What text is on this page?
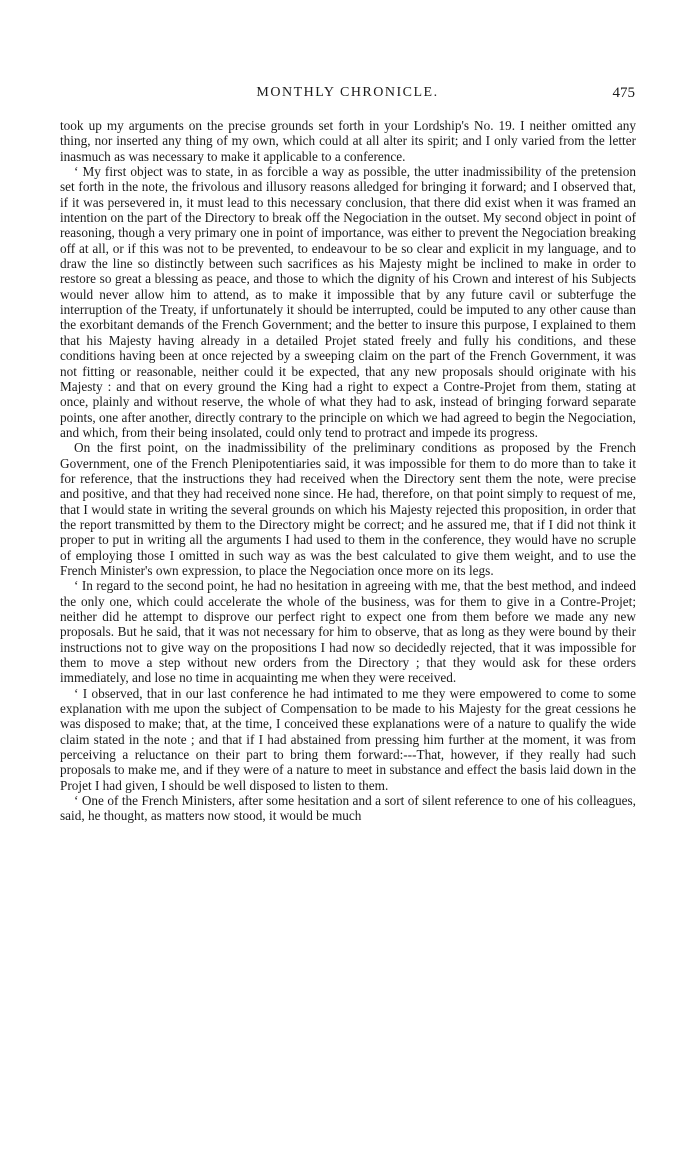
MONTHLY CHRONICLE.	475

took up my arguments on the precise grounds set forth in your Lordship's No. 19. I neither omitted any thing, nor inserted any thing of my own, which could at all alter its spirit; and I only varied from the letter inasmuch as was necessary to make it applicable to a conference.

‘ My first object was to state, in as forcible a way as possible, the utter inadmissibility of the pretension set forth in the note, the frivolous and illusory reasons alledged for bringing it forward; and I observed that, if it was persevered in, it must lead to this necessary conclusion, that there did exist when it was framed an intention on the part of the Directory to break off the Negociation in the outset. My second object in point of reasoning, though a very primary one in point of importance, was either to prevent the Negociation breaking off at all, or if this was not to be prevented, to endeavour to be so clear and explicit in my language, and to draw the line so distinctly between such sacrifices as his Majesty might be inclined to make in order to restore so great a blessing as peace, and those to which the dignity of his Crown and interest of his Subjects would never allow him to attend, as to make it impossible that by any future cavil or subterfuge the interruption of the Treaty, if unfortunately it should be interrupted, could be imputed to any other cause than the exorbitant demands of the French Government; and the better to insure this purpose, I explained to them that his Majesty having already in a detailed Projet stated freely and fully his conditions, and these conditions having been at once rejected by a sweeping claim on the part of the French Government, it was not fitting or reasonable, neither could it be expected, that any new proposals should originate with his Majesty : and that on every ground the King had a right to expect a Contre-Projet from them, stating at once, plainly and without reserve, the whole of what they had to ask, instead of bringing forward separate points, one after another, directly contrary to the principle on which we had agreed to begin the Negociation, and which, from their being insolated, could only tend to protract and impede its progress.

On the first point, on the inadmissibility of the preliminary conditions as proposed by the French Government, one of the French Plenipotentiaries said, it was impossible for them to do more than to take it for reference, that the instructions they had received when the Directory sent them the note, were precise and positive, and that they had received none since. He had, therefore, on that point simply to request of me, that I would state in writing the several grounds on which his Majesty rejected this proposition, in order that the report transmitted by them to the Directory might be correct; and he assured me, that if I did not think it proper to put in writing all the arguments I had used to them in the conference, they would have no scruple of employing those I omitted in such way as was the best calculated to give them weight, and to use the French Minister's own expression, to place the Negociation once more on its legs.

‘ In regard to the second point, he had no hesitation in agreeing with me, that the best method, and indeed the only one, which could accelerate the whole of the business, was for them to give in a Contre-Projet; neither did he attempt to disprove our perfect right to expect one from them before we made any new proposals. But he said, that it was not necessary for him to observe, that as long as they were bound by their instructions not to give way on the propositions I had now so decidedly rejected, that it was impossible for them to move a step without new orders from the Directory ; that they would ask for these orders immediately, and lose no time in acquainting me when they were received.

‘ I observed, that in our last conference he had intimated to me they were empowered to come to some explanation with me upon the subject of Compensation to be made to his Majesty for the great cessions he was disposed to make; that, at the time, I conceived these explanations were of a nature to qualify the wide claim stated in the note ; and that if I had abstained from pressing him further at the moment, it was from perceiving a reluctance on their part to bring them forward:---That, however, if they really had such proposals to make me, and if they were of a nature to meet in substance and effect the basis laid down in the Projet I had given, I should be well disposed to listen to them.

‘ One of the French Ministers, after some hesitation and a sort of silent reference to one of his colleagues, said, he thought, as matters now stood, it would be much
